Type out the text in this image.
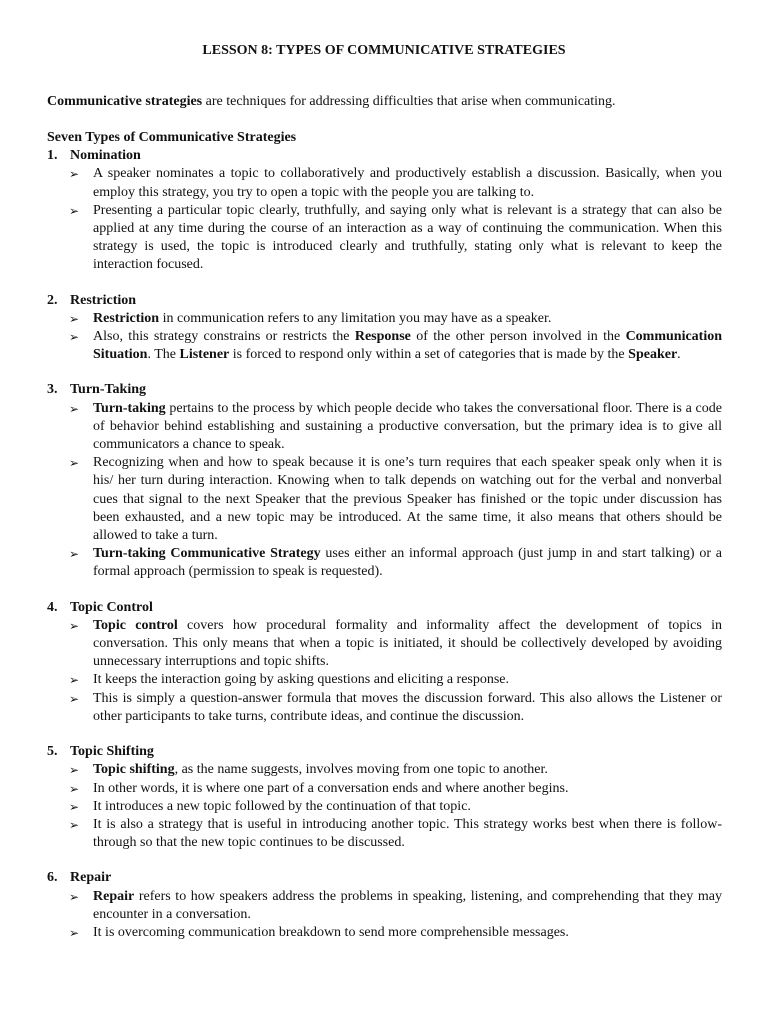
LESSON 8: TYPES OF COMMUNICATIVE STRATEGIES
Communicative strategies are techniques for addressing difficulties that arise when communicating.
Seven Types of Communicative Strategies
1. Nomination
➢ A speaker nominates a topic to collaboratively and productively establish a discussion. Basically, when you employ this strategy, you try to open a topic with the people you are talking to.
➢ Presenting a particular topic clearly, truthfully, and saying only what is relevant is a strategy that can also be applied at any time during the course of an interaction as a way of continuing the communication. When this strategy is used, the topic is introduced clearly and truthfully, stating only what is relevant to keep the interaction focused.
2. Restriction
➢ Restriction in communication refers to any limitation you may have as a speaker.
➢ Also, this strategy constrains or restricts the Response of the other person involved in the Communication Situation. The Listener is forced to respond only within a set of categories that is made by the Speaker.
3. Turn-Taking
➢ Turn-taking pertains to the process by which people decide who takes the conversational floor. There is a code of behavior behind establishing and sustaining a productive conversation, but the primary idea is to give all communicators a chance to speak.
➢ Recognizing when and how to speak because it is one’s turn requires that each speaker speak only when it is his/ her turn during interaction. Knowing when to talk depends on watching out for the verbal and nonverbal cues that signal to the next Speaker that the previous Speaker has finished or the topic under discussion has been exhausted, and a new topic may be introduced. At the same time, it also means that others should be allowed to take a turn.
➢ Turn-taking Communicative Strategy uses either an informal approach (just jump in and start talking) or a formal approach (permission to speak is requested).
4. Topic Control
➢ Topic control covers how procedural formality and informality affect the development of topics in conversation. This only means that when a topic is initiated, it should be collectively developed by avoiding unnecessary interruptions and topic shifts.
➢ It keeps the interaction going by asking questions and eliciting a response.
➢ This is simply a question-answer formula that moves the discussion forward. This also allows the Listener or other participants to take turns, contribute ideas, and continue the discussion.
5. Topic Shifting
➢ Topic shifting, as the name suggests, involves moving from one topic to another.
➢ In other words, it is where one part of a conversation ends and where another begins.
➢ It introduces a new topic followed by the continuation of that topic.
➢ It is also a strategy that is useful in introducing another topic. This strategy works best when there is follow-through so that the new topic continues to be discussed.
6. Repair
➢ Repair refers to how speakers address the problems in speaking, listening, and comprehending that they may encounter in a conversation.
➢ It is overcoming communication breakdown to send more comprehensible messages.
